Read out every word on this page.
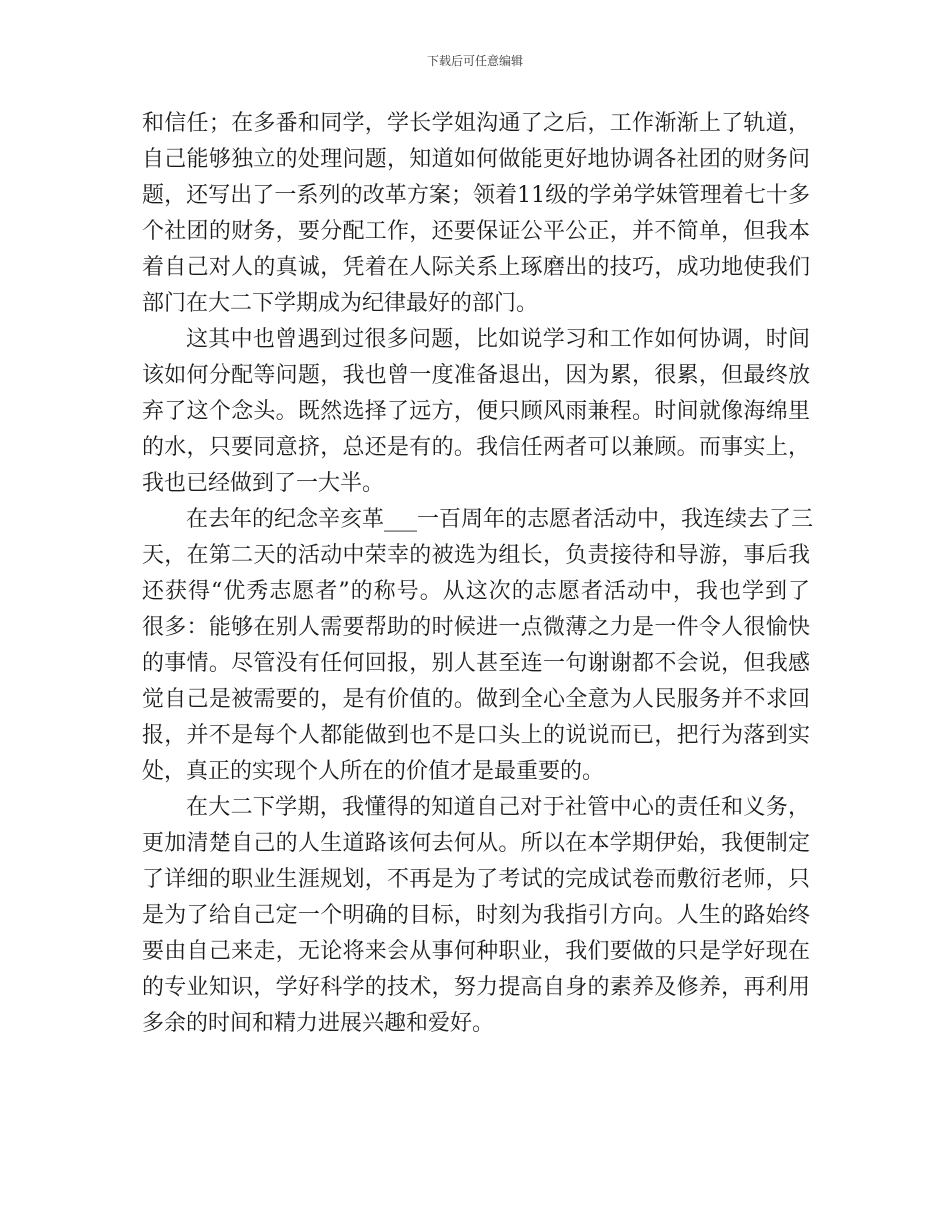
下载后可任意编辑
和信任；在多番和同学，学长学姐沟通了之后，工作渐渐上了轨道，
自己能够独立的处理问题，知道如何做能更好地协调各社团的财务问
题，还写出了一系列的改革方案；领着11级的学弟学妹管理着七十多
个社团的财务，要分配工作，还要保证公平公正，并不简单，但我本
着自己对人的真诚，凭着在人际关系上琢磨出的技巧，成功地使我们
部门在大二下学期成为纪律最好的部门。
这其中也曾遇到过很多问题，比如说学习和工作如何协调，时间
该如何分配等问题，我也曾一度准备退出，因为累，很累，但最终放
弃了这个念头。既然选择了远方，便只顾风雨兼程。时间就像海绵里
的水，只要同意挤，总还是有的。我信任两者可以兼顾。而事实上，
我也已经做到了一大半。
在去年的纪念辛亥革___一百周年的志愿者活动中，我连续去了三
天，在第二天的活动中荣幸的被选为组长，负责接待和导游，事后我
还获得“优秀志愿者”的称号。从这次的志愿者活动中，我也学到了
很多：能够在别人需要帮助的时候进一点微薄之力是一件令人很愉快
的事情。尽管没有任何回报，别人甚至连一句谢谢都不会说，但我感
觉自己是被需要的，是有价值的。做到全心全意为人民服务并不求回
报，并不是每个人都能做到也不是口头上的说说而已，把行为落到实
处，真正的实现个人所在的价值才是最重要的。
在大二下学期，我懂得的知道自己对于社管中心的责任和义务，
更加清楚自己的人生道路该何去何从。所以在本学期伊始，我便制定
了详细的职业生涯规划，不再是为了考试的完成试卷而敷衍老师，只
是为了给自己定一个明确的目标，时刻为我指引方向。人生的路始终
要由自己来走，无论将来会从事何种职业，我们要做的只是学好现在
的专业知识，学好科学的技术，努力提高自身的素养及修养，再利用
多余的时间和精力进展兴趣和爱好。
